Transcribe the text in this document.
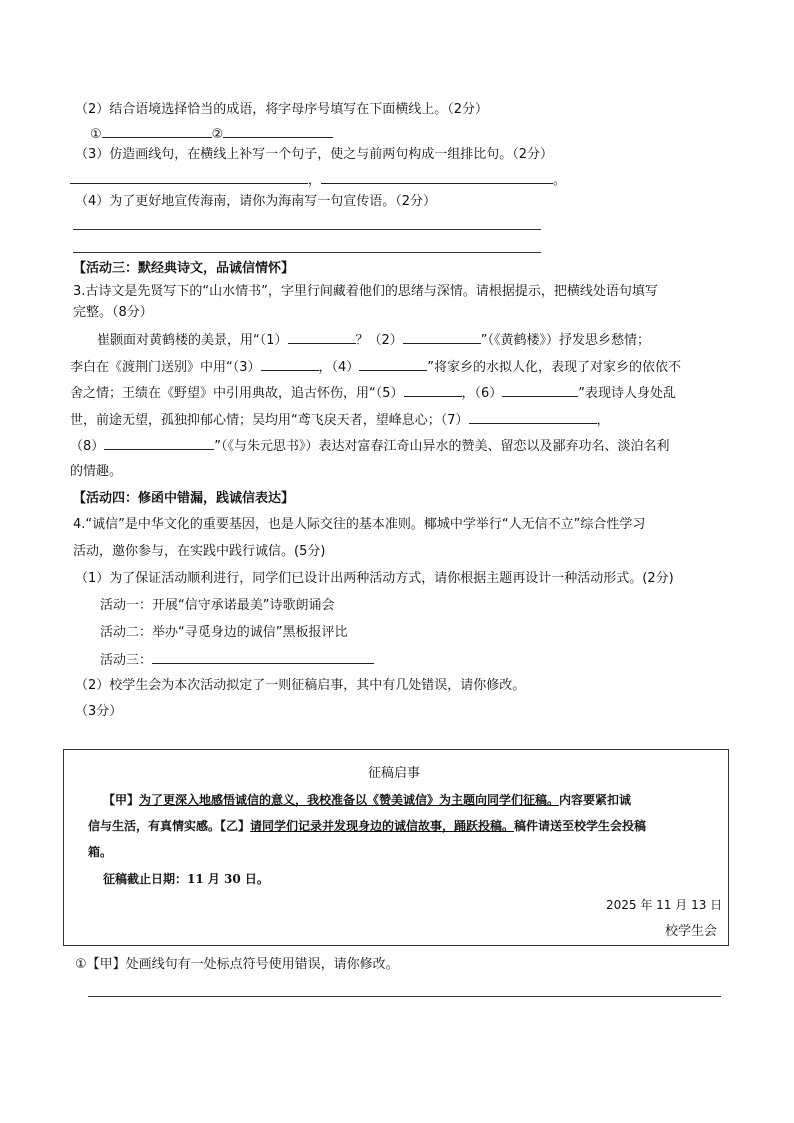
（2）结合语境选择恰当的成语，将字母序号填写在下面横线上。（2分）
①	②
（3）仿造画线句，在横线上补写一个句子，使之与前两句构成一组排比句。（2分）
，	。
（4）为了更好地宣传海南，请你为海南写一句宣传语。（2分）
【活动三：默经典诗文，品诚信情怀】
3.古诗文是先贤写下的“山水情书”，字里行间藏着他们的思绪与深情。请根据提示，把横线处语句填写
完整。（8分）
崔颢面对黄鹤楼的美景，用“（1）	？（2）	”（《黄鹤楼》）抒发思乡愁情；
李白在《渡荆门送别》中用“（3）	，（4）	”将家乡的水拟人化，表现了对家乡的依依不
舍之情；王绩在《野望》中引用典故，追古怀伤，用“（5）	，（6）	”表现诗人身处乱
世，前途无望，孤独抑郁心情；吴均用“鸢飞戾天者，望峰息心；（7）	，
（8）	”（《与朱元思书》）表达对富春江奇山异水的赞美、留恋以及鄙弃功名、淡泊名利
的情趣。
【活动四：修函中错漏，践诚信表达】
4.“诚信”是中华文化的重要基因，也是人际交往的基本准则。椰城中学举行“人无信不立”综合性学习
活动，邀你参与，在实践中践行诚信。(5分)
（1）为了保证活动顺利进行，同学们已设计出两种活动方式，请你根据主题再设计一种活动形式。(2分)
活动一：开展“信守承诺最美”诗歌朗诵会
活动二：举办“寻觅身边的诚信”黑板报评比
活动三：
（2）校学生会为本次活动拟定了一则征稿启事，其中有几处错误，请你修改。
（3分）
征稿启事
【甲】为了更深入地感悟诚信的意义，我校准备以《赞美诚信》为主题向同学们征稿。内容要紧扣诚
信与生活，有真情实感。【乙】请同学们记录并发现身边的诚信故事，踊跃投稿。稿件请送至校学生会投稿
箱。
征稿截止日期：11 月 30 日。
2025 年 11 月 13 日
校学生会
①【甲】处画线句有一处标点符号使用错误，请你修改。
